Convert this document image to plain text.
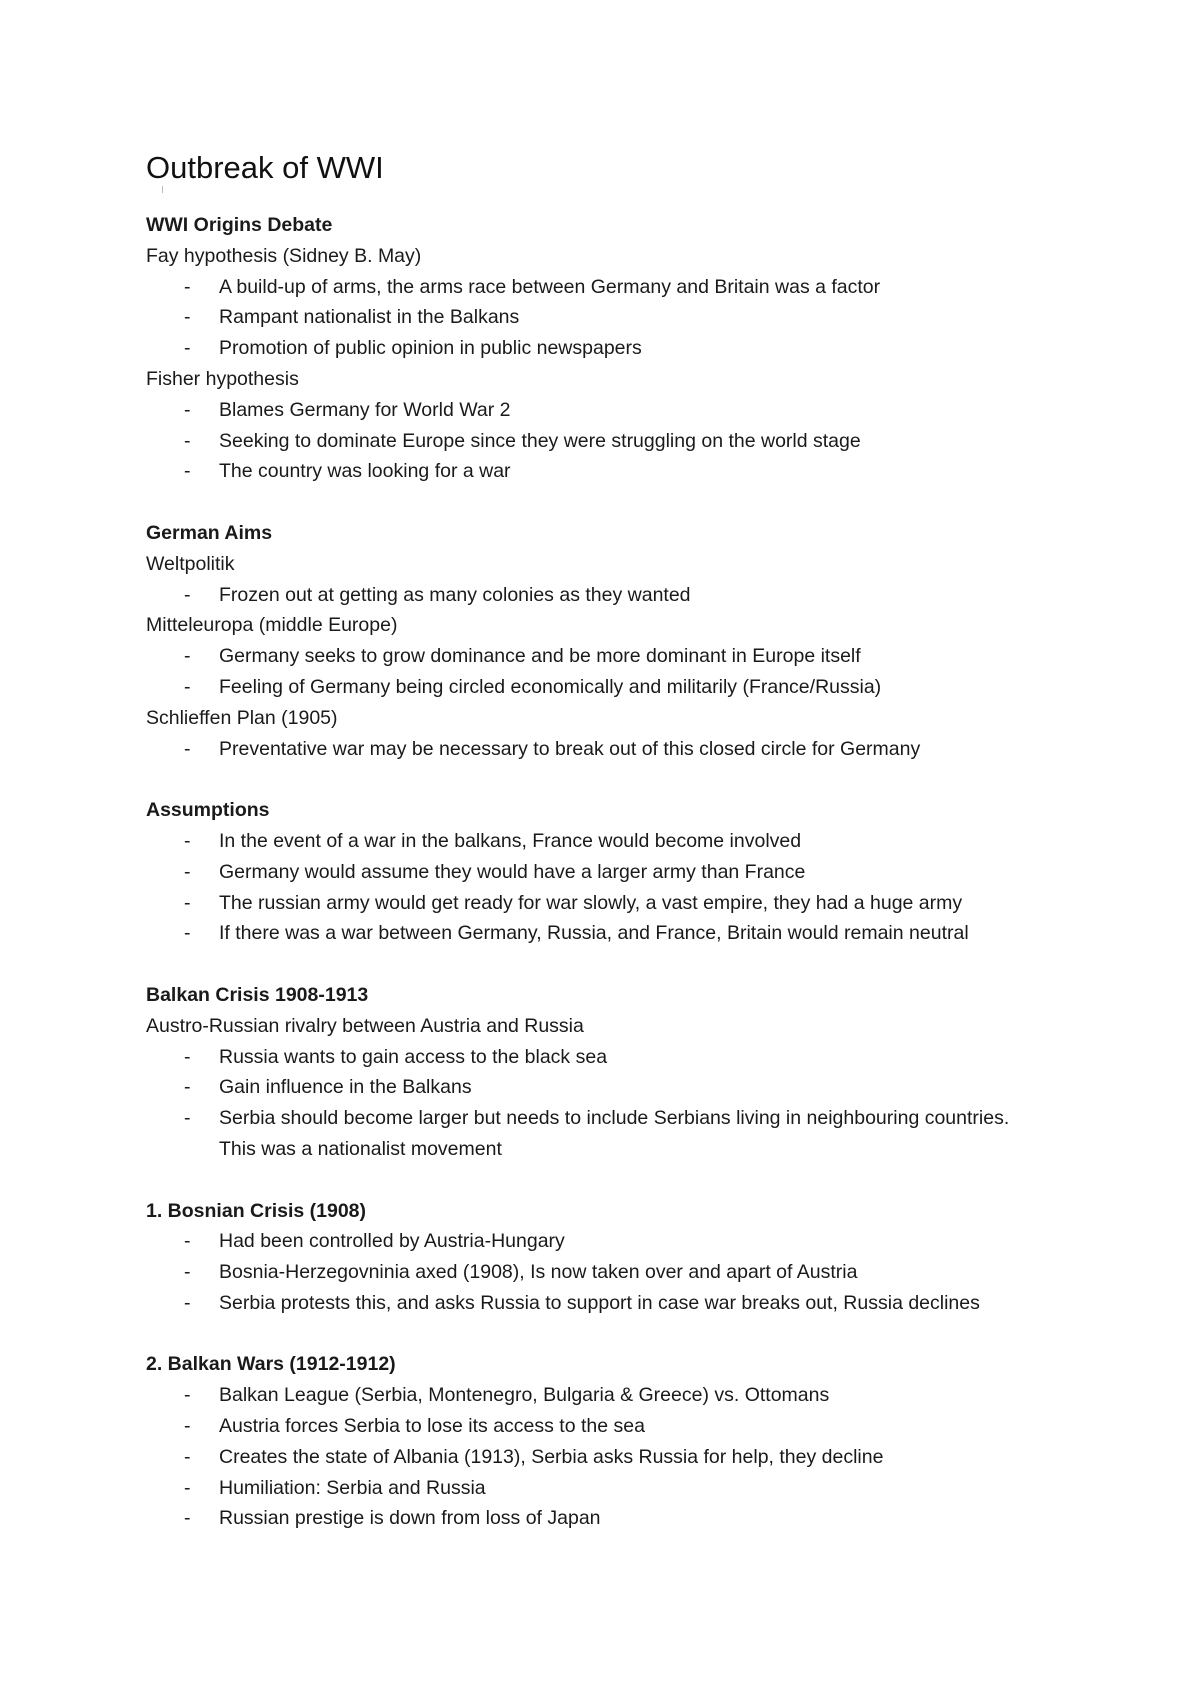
Outbreak of WWI
WWI Origins Debate
Fay hypothesis (Sidney B. May)
- A build-up of arms, the arms race between Germany and Britain was a factor
- Rampant nationalist in the Balkans
- Promotion of public opinion in public newspapers
Fisher hypothesis
- Blames Germany for World War 2
- Seeking to dominate Europe since they were struggling on the world stage
- The country was looking for a war
German Aims
Weltpolitik
- Frozen out at getting as many colonies as they wanted
Mitteleuropa (middle Europe)
- Germany seeks to grow dominance and be more dominant in Europe itself
- Feeling of Germany being circled economically and militarily (France/Russia)
Schlieffen Plan (1905)
- Preventative war may be necessary to break out of this closed circle for Germany
Assumptions
- In the event of a war in the balkans, France would become involved
- Germany would assume they would have a larger army than France
- The russian army would get ready for war slowly, a vast empire, they had a huge army
- If there was a war between Germany, Russia, and France, Britain would remain neutral
Balkan Crisis 1908-1913
Austro-Russian rivalry between Austria and Russia
- Russia wants to gain access to the black sea
- Gain influence in the Balkans
- Serbia should become larger but needs to include Serbians living in neighbouring countries. This was a nationalist movement
1. Bosnian Crisis (1908)
- Had been controlled by Austria-Hungary
- Bosnia-Herzegovninia axed (1908), Is now taken over and apart of Austria
- Serbia protests this, and asks Russia to support in case war breaks out, Russia declines
2. Balkan Wars (1912-1912)
- Balkan League (Serbia, Montenegro, Bulgaria & Greece) vs. Ottomans
- Austria forces Serbia to lose its access to the sea
- Creates the state of Albania (1913), Serbia asks Russia for help, they decline
- Humiliation: Serbia and Russia
- Russian prestige is down from loss of Japan
